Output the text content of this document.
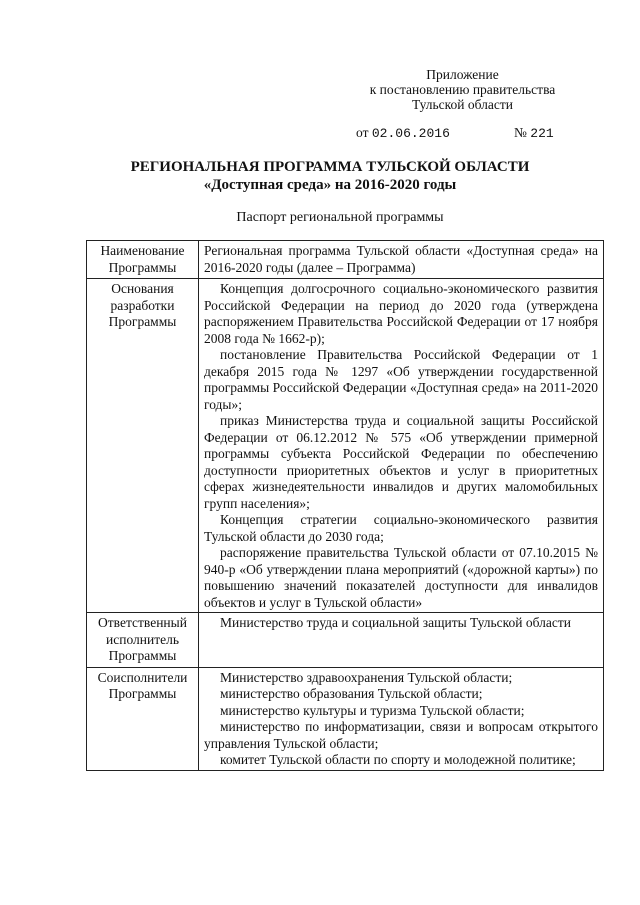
Приложение
к постановлению правительства
Тульской области
от 02.06.2016	№ 221
РЕГИОНАЛЬНАЯ ПРОГРАММА ТУЛЬСКОЙ ОБЛАСТИ
«Доступная среда» на 2016-2020 годы
Паспорт региональной программы
Наименование Программы	Региональная программа Тульской области «Доступная среда» на 2016-2020 годы (далее – Программа)

Основания разработки Программы	Концепция долгосрочного социально-экономического развития Российской Федерации на период до 2020 года (утверждена распоряжением Правительства Российской Федерации от 17 ноября 2008 года № 1662-р);
постановление Правительства Российской Федерации от 1 декабря 2015 года № 1297 «Об утверждении государственной программы Российской Федерации «Доступная среда» на 2011-2020 годы»;
приказ Министерства труда и социальной защиты Российской Федерации от 06.12.2012 № 575 «Об утверждении примерной программы субъекта Российской Федерации по обеспечению доступности приоритетных объектов и услуг в приоритетных сферах жизнедеятельности инвалидов и других маломобильных групп населения»;
Концепция стратегии социально-экономического развития Тульской области до 2030 года;
распоряжение правительства Тульской области от 07.10.2015 № 940-р «Об утверждении плана мероприятий («дорожной карты») по повышению значений показателей доступности для инвалидов объектов и услуг в Тульской области»

Ответственный исполнитель Программы	Министерство труда и социальной защиты Тульской области

Соисполнители Программы	Министерство здравоохранения Тульской области;
министерство образования Тульской области;
министерство культуры и туризма Тульской области;
министерство по информатизации, связи и вопросам открытого управления Тульской области;
комитет Тульской области по спорту и молодежной политике;
